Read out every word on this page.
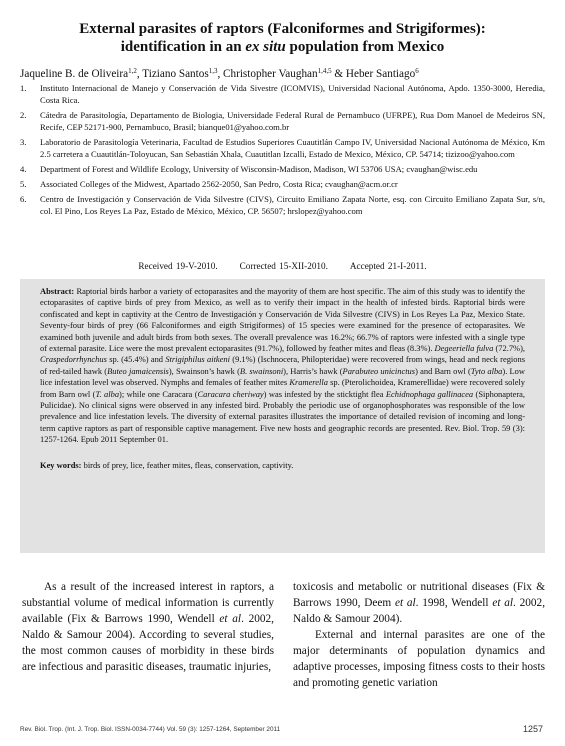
External parasites of raptors (Falconiformes and Strigiformes):
identification in an ex situ population from Mexico
Jaqueline B. de Oliveira$^{1,2}$, Tiziano Santos$^{1,3}$, Christopher Vaughan$^{1,4,5}$ & Heber Santiago$^6$
1. Instituto Internacional de Manejo y Conservación de Vida Sivestre (ICOMVIS), Universidad Nacional Autónoma, Apdo. 1350-3000, Heredia, Costa Rica.
2. Cátedra de Parasitología, Departamento de Biologia, Universidade Federal Rural de Pernambuco (UFRPE), Rua Dom Manoel de Medeiros SN, Recife, CEP 52171-900, Pernambuco, Brasil; bianque01@yahoo.com.br
3. Laboratorio de Parasitología Veterinaria, Facultad de Estudios Superiores Cuautitlán Campo IV, Universidad Nacional Autónoma de México, Km 2.5 carretera a Cuautitlán-Toloyucan, San Sebastián Xhala, Cuautitlan Izcalli, Estado de Mexico, México, CP. 54714; tizizoo@yahoo.com
4. Department of Forest and Wildlife Ecology, University of Wisconsin-Madison, Madison, WI 53706 USA; cvaughan@wisc.edu
5. Associated Colleges of the Midwest, Apartado 2562-2050, San Pedro, Costa Rica; cvaughan@acm.or.cr
6. Centro de Investigación y Conservación de Vida Silvestre (CIVS), Circuito Emiliano Zapata Norte, esq. con Circuito Emiliano Zapata Sur, s/n, col. El Pino, Los Reyes La Paz, Estado de México, México, CP. 56507; hrslopez@yahoo.com
Received 19-V-2010. Corrected 15-XII-2010. Accepted 21-I-2011.

Abstract: Raptorial birds harbor a variety of ectoparasites and the mayority of them are host specific. The aim of this study was to identify the ectoparasites of captive birds of prey from Mexico, as well as to verify their impact in the health of infested birds. Raptorial birds were confiscated and kept in captivity at the Centro de Investigación y Conservación de Vida Silvestre (CIVS) in Los Reyes La Paz, Mexico State. Seventy-four birds of prey (66 Falconiformes and eigth Strigiformes) of 15 species were examined for the presence of ectoparasites. We examined both juvenile and adult birds from both sexes. The overall prevalence was 16.2%; 66.7% of raptors were infested with a single type of external parasite. Lice were the most prevalent ectoparasites (91.7%), followed by feather mites and fleas (8.3%). Degeeriella fulva (72.7%), Craspedorrhynchus sp. (45.4%) and Strigiphilus aitkeni (9.1%) (Ischnocera, Philopteridae) were recovered from wings, head and neck regions of red-tailed hawk (Buteo jamaicensis), Swainson’s hawk (B. swainsoni), Harris’s hawk (Parabuteo unicinctus) and Barn owl (Tyto alba). Low lice infestation level was observed. Nymphs and females of feather mites Kramerella sp. (Pterolichoidea, Kramerellidae) were recovered solely from Barn owl (T. alba); while one Caracara (Caracara cheriway) was infested by the sticktight flea Echidnophaga gallinacea (Siphonaptera, Pulicidae). No clinical signs were observed in any infested bird. Probably the periodic use of organophosphorates was responsible of the low prevalence and lice infestation levels. The diversity of external parasites illustrates the importance of detailed revision of incoming and long-term captive raptors as part of responsible captive management. Five new hosts and geographic records are presented. Rev. Biol. Trop. 59 (3): 1257-1264. Epub 2011 September 01.

Key words: birds of prey, lice, feather mites, fleas, conservation, captivity.

As a result of the increased interest in raptors, a substantial volume of medical information is currently available (Fix & Barrows 1990, Wendell et al. 2002, Naldo & Samour 2004). According to several studies, the most common causes of morbidity in these birds are infectious and parasitic diseases, traumatic injuries,

toxicosis and metabolic or nutritional diseases (Fix & Barrows 1990, Deem et al. 1998, Wendell et al. 2002, Naldo & Samour 2004).

External and internal parasites are one of the major determinants of population dynamics and adaptive processes, imposing fitness costs to their hosts and promoting genetic variation

Rev. Biol. Trop. (Int. J. Trop. Biol. ISSN-0034-7744) Vol. 59 (3): 1257-1264, September 2011	1257
